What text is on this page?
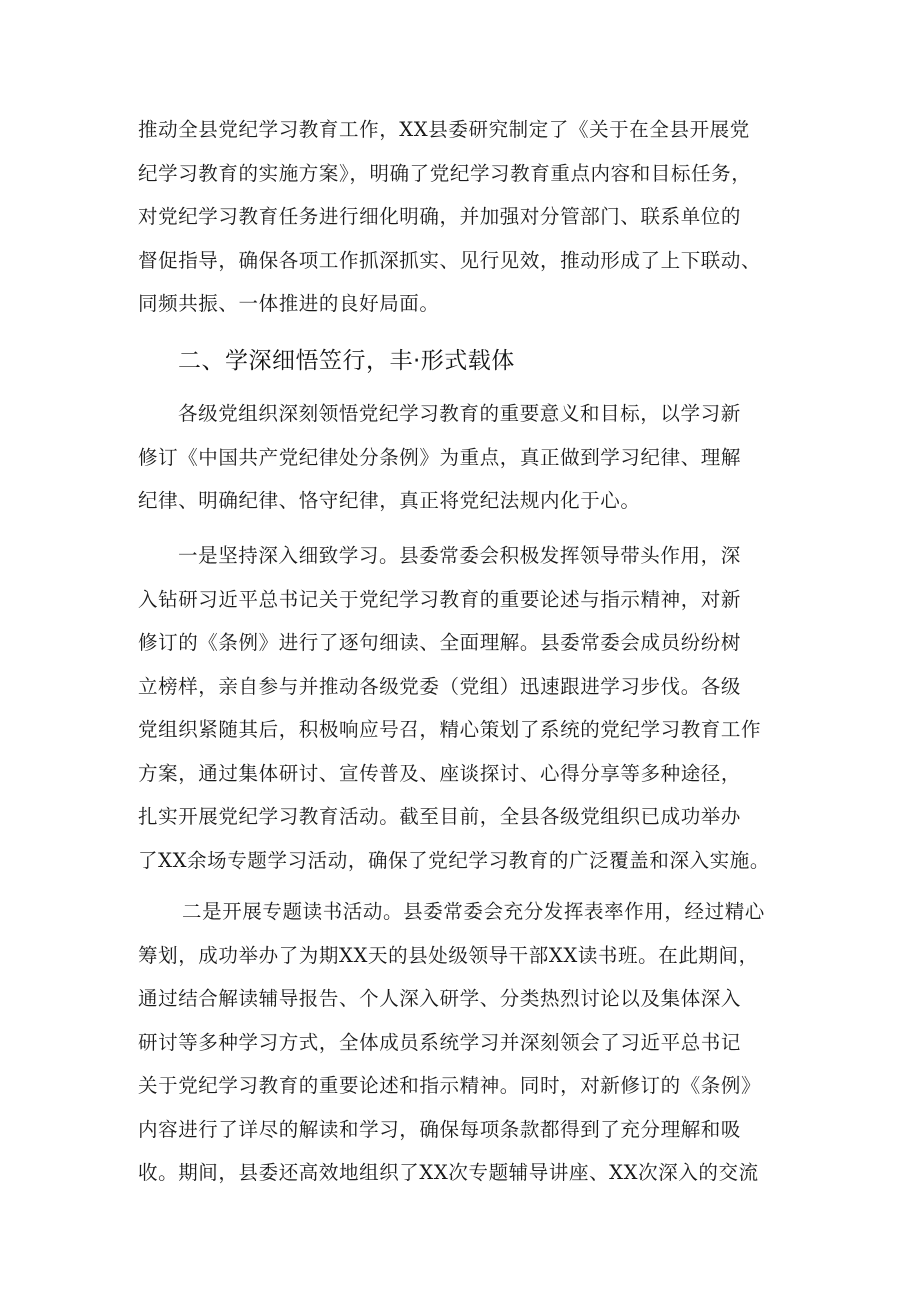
推动全县党纪学习教育工作，XX县委研究制定了《关于在全县开展党
纪学习教育的实施方案》，明确了党纪学习教育重点内容和目标任务，
对党纪学习教育任务进行细化明确，并加强对分管部门、联系单位的
督促指导，确保各项工作抓深抓实、见行见效，推动形成了上下联动、
同频共振、一体推进的良好局面。
二、学深细悟笠行，丰·形式载体
各级党组织深刻领悟党纪学习教育的重要意义和目标，以学习新
修订《中国共产党纪律处分条例》为重点，真正做到学习纪律、理解
纪律、明确纪律、恪守纪律，真正将党纪法规内化于心。
一是坚持深入细致学习。县委常委会积极发挥领导带头作用，深
入钻研习近平总书记关于党纪学习教育的重要论述与指示精神，对新
修订的《条例》进行了逐句细读、全面理解。县委常委会成员纷纷树
立榜样，亲自参与并推动各级党委（党组）迅速跟进学习步伐。各级
党组织紧随其后，积极响应号召，精心策划了系统的党纪学习教育工作
方案，通过集体研讨、宣传普及、座谈探讨、心得分享等多种途径，
扎实开展党纪学习教育活动。截至目前，全县各级党组织已成功举办
了XX余场专题学习活动，确保了党纪学习教育的广泛覆盖和深入实施。
二是开展专题读书活动。县委常委会充分发挥表率作用，经过精心
筹划，成功举办了为期XX天的县处级领导干部XX读书班。在此期间，
通过结合解读辅导报告、个人深入研学、分类热烈讨论以及集体深入
研讨等多种学习方式，全体成员系统学习并深刻领会了习近平总书记
关于党纪学习教育的重要论述和指示精神。同时，对新修订的《条例》
内容进行了详尽的解读和学习，确保每项条款都得到了充分理解和吸
收。期间，县委还高效地组织了XX次专题辅导讲座、XX次深入的交流
